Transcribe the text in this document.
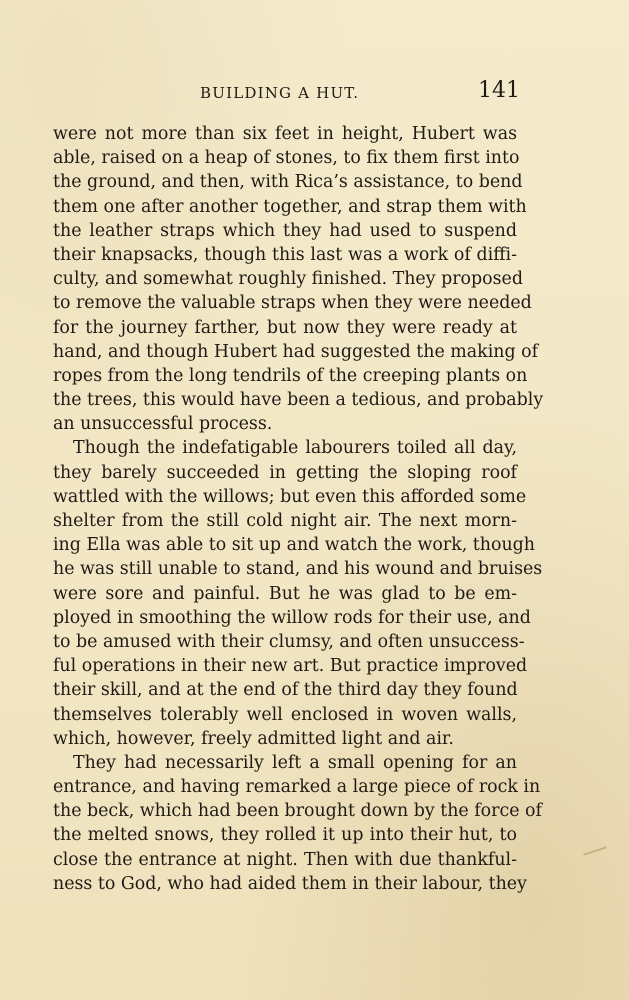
BUILDING A HUT.	141
were not more than six feet in height, Hubert was
able, raised on a heap of stones, to fix them first into
the ground, and then, with Rica’s assistance, to bend
them one after another together, and strap them with
the leather straps which they had used to suspend
their knapsacks, though this last was a work of diffi-
culty, and somewhat roughly finished. They proposed
to remove the valuable straps when they were needed
for the journey farther, but now they were ready at
hand, and though Hubert had suggested the making of
ropes from the long tendrils of the creeping plants on
the trees, this would have been a tedious, and probably
an unsuccessful process.
Though the indefatigable labourers toiled all day,
they barely succeeded in getting the sloping roof
wattled with the willows; but even this afforded some
shelter from the still cold night air. The next morn-
ing Ella was able to sit up and watch the work, though
he was still unable to stand, and his wound and bruises
were sore and painful. But he was glad to be em-
ployed in smoothing the willow rods for their use, and
to be amused with their clumsy, and often unsuccess-
ful operations in their new art. But practice improved
their skill, and at the end of the third day they found
themselves tolerably well enclosed in woven walls,
which, however, freely admitted light and air.
They had necessarily left a small opening for an
entrance, and having remarked a large piece of rock in
the beck, which had been brought down by the force of
the melted snows, they rolled it up into their hut, to
close the entrance at night. Then with due thankful-
ness to God, who had aided them in their labour, they
